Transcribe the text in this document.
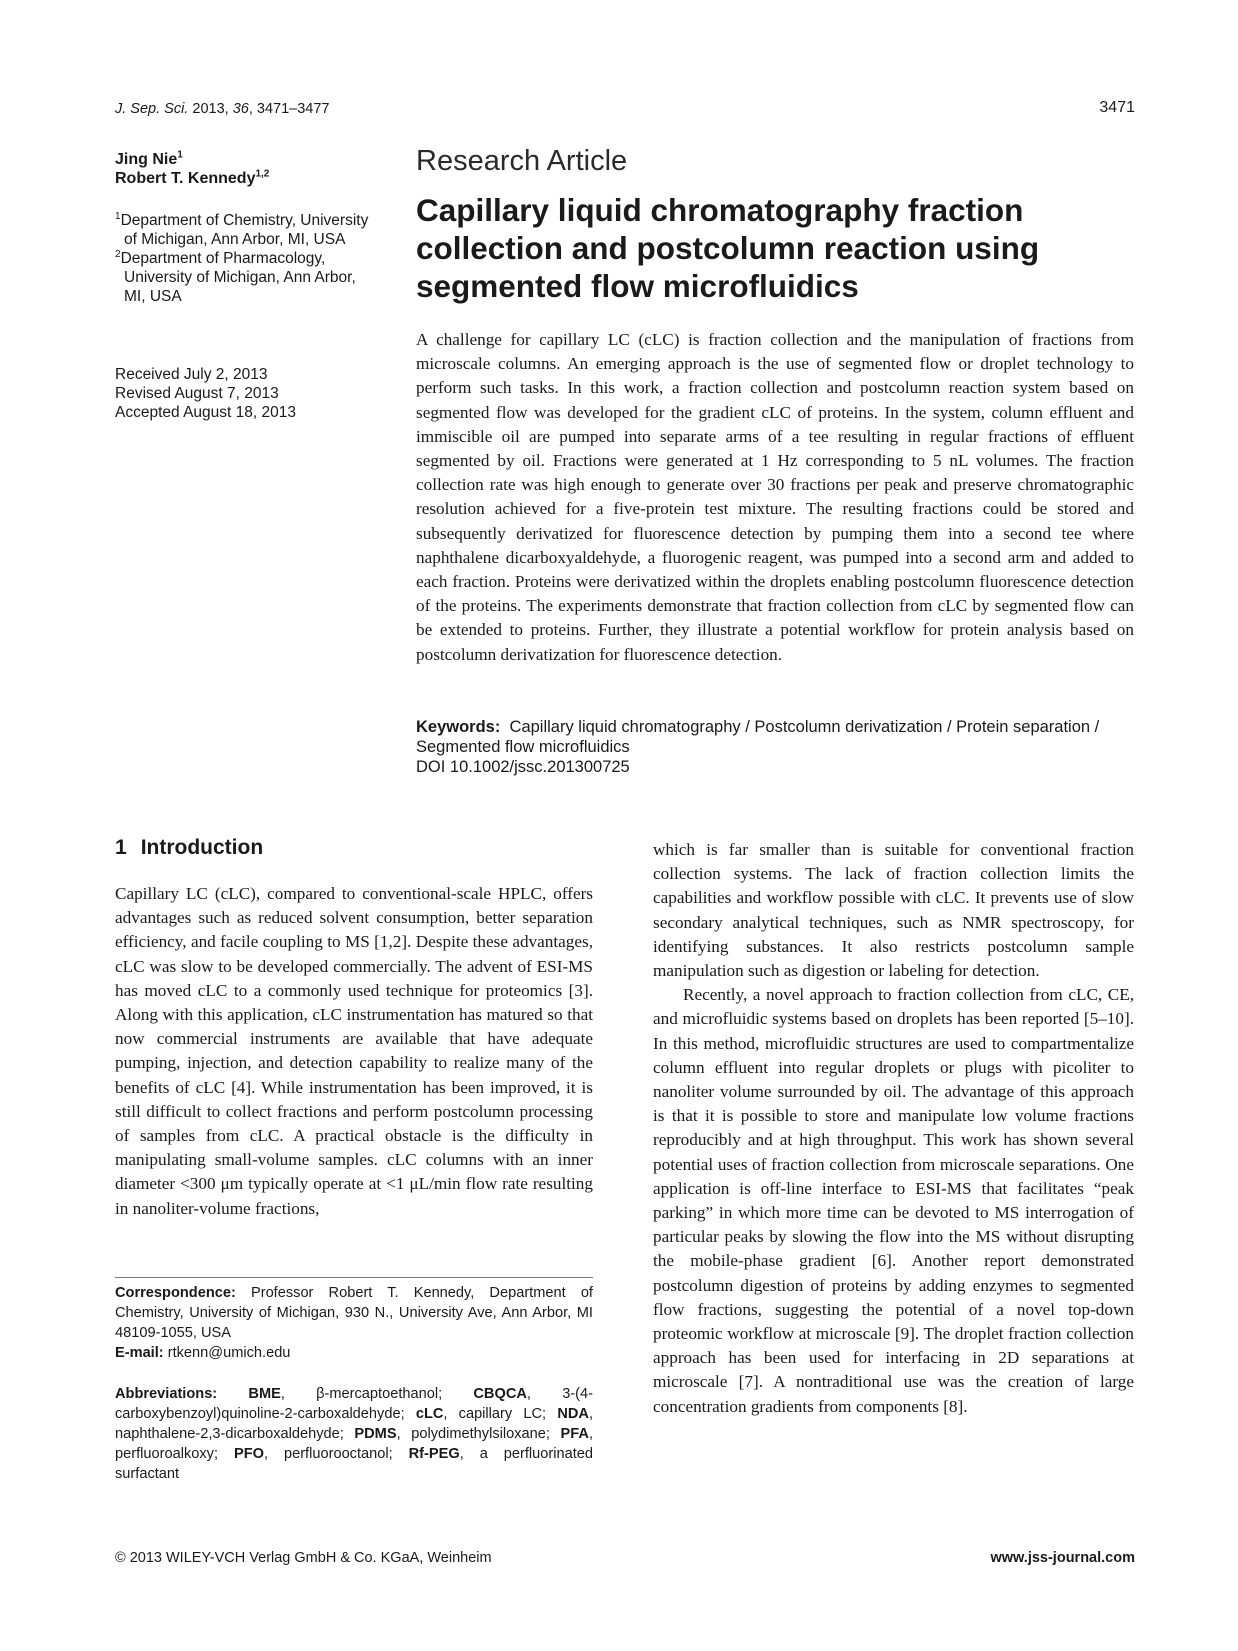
J. Sep. Sci. 2013, 36, 3471–3477	3471
Jing Nie$^1$
Robert T. Kennedy$^{1,2}$
$^1$Department of Chemistry, University of Michigan, Ann Arbor, MI, USA
$^2$Department of Pharmacology, University of Michigan, Ann Arbor, MI, USA
Received July 2, 2013
Revised August 7, 2013
Accepted August 18, 2013
Research Article
Capillary liquid chromatography fraction collection and postcolumn reaction using segmented flow microfluidics

A challenge for capillary LC (cLC) is fraction collection and the manipulation of fractions from microscale columns. An emerging approach is the use of segmented flow or droplet technology to perform such tasks. In this work, a fraction collection and postcolumn reaction system based on segmented flow was developed for the gradient cLC of proteins. In the system, column effluent and immiscible oil are pumped into separate arms of a tee resulting in regular fractions of effluent segmented by oil. Fractions were generated at 1 Hz corresponding to 5 nL volumes. The fraction collection rate was high enough to generate over 30 fractions per peak and preserve chromatographic resolution achieved for a five-protein test mixture. The resulting fractions could be stored and subsequently derivatized for fluorescence detection by pumping them into a second tee where naphthalene dicarboxyaldehyde, a fluorogenic reagent, was pumped into a second arm and added to each fraction. Proteins were derivatized within the droplets enabling postcolumn fluorescence detection of the proteins. The experiments demonstrate that fraction collection from cLC by segmented flow can be extended to proteins. Further, they illustrate a potential workflow for protein analysis based on postcolumn derivatization for fluorescence detection.

Keywords: Capillary liquid chromatography / Postcolumn derivatization / Protein separation / Segmented flow microfluidics
DOI 10.1002/jssc.201300725
1 Introduction

Capillary LC (cLC), compared to conventional-scale HPLC, offers advantages such as reduced solvent consumption, better separation efficiency, and facile coupling to MS [1,2]. Despite these advantages, cLC was slow to be developed commercially. The advent of ESI-MS has moved cLC to a commonly used technique for proteomics [3]. Along with this application, cLC instrumentation has matured so that now commercial instruments are available that have adequate pumping, injection, and detection capability to realize many of the benefits of cLC [4]. While instrumentation has been improved, it is still difficult to collect fractions and perform postcolumn processing of samples from cLC. A practical obstacle is the difficulty in manipulating small-volume samples. cLC columns with an inner diameter <300 μm typically operate at <1 μL/min flow rate resulting in nanoliter-volume fractions,

which is far smaller than is suitable for conventional fraction collection systems. The lack of fraction collection limits the capabilities and workflow possible with cLC. It prevents use of slow secondary analytical techniques, such as NMR spectroscopy, for identifying substances. It also restricts postcolumn sample manipulation such as digestion or labeling for detection.

Recently, a novel approach to fraction collection from cLC, CE, and microfluidic systems based on droplets has been reported [5–10]. In this method, microfluidic structures are used to compartmentalize column effluent into regular droplets or plugs with picoliter to nanoliter volume surrounded by oil. The advantage of this approach is that it is possible to store and manipulate low volume fractions reproducibly and at high throughput. This work has shown several potential uses of fraction collection from microscale separations. One application is off-line interface to ESI-MS that facilitates “peak parking” in which more time can be devoted to MS interrogation of particular peaks by slowing the flow into the MS without disrupting the mobile-phase gradient [6]. Another report demonstrated postcolumn digestion of proteins by adding enzymes to segmented flow fractions, suggesting the potential of a novel top-down proteomic workflow at microscale [9]. The droplet fraction collection approach has been used for interfacing in 2D separations at microscale [7]. A nontraditional use was the creation of large concentration gradients from components [8].

Correspondence: Professor Robert T. Kennedy, Department of Chemistry, University of Michigan, 930 N., University Ave, Ann Arbor, MI 48109-1055, USA
E-mail: rtkenn@umich.edu
Abbreviations: BME, β-mercaptoethanol; CBQCA, 3-(4-carboxybenzoyl)quinoline-2-carboxaldehyde; cLC, capillary LC; NDA, naphthalene-2,3-dicarboxaldehyde; PDMS, polydimethylsiloxane; PFA, perfluoroalkoxy; PFO, perfluorooctanol; Rf-PEG, a perfluorinated surfactant
© 2013 WILEY-VCH Verlag GmbH & Co. KGaA, Weinheim	www.jss-journal.com
